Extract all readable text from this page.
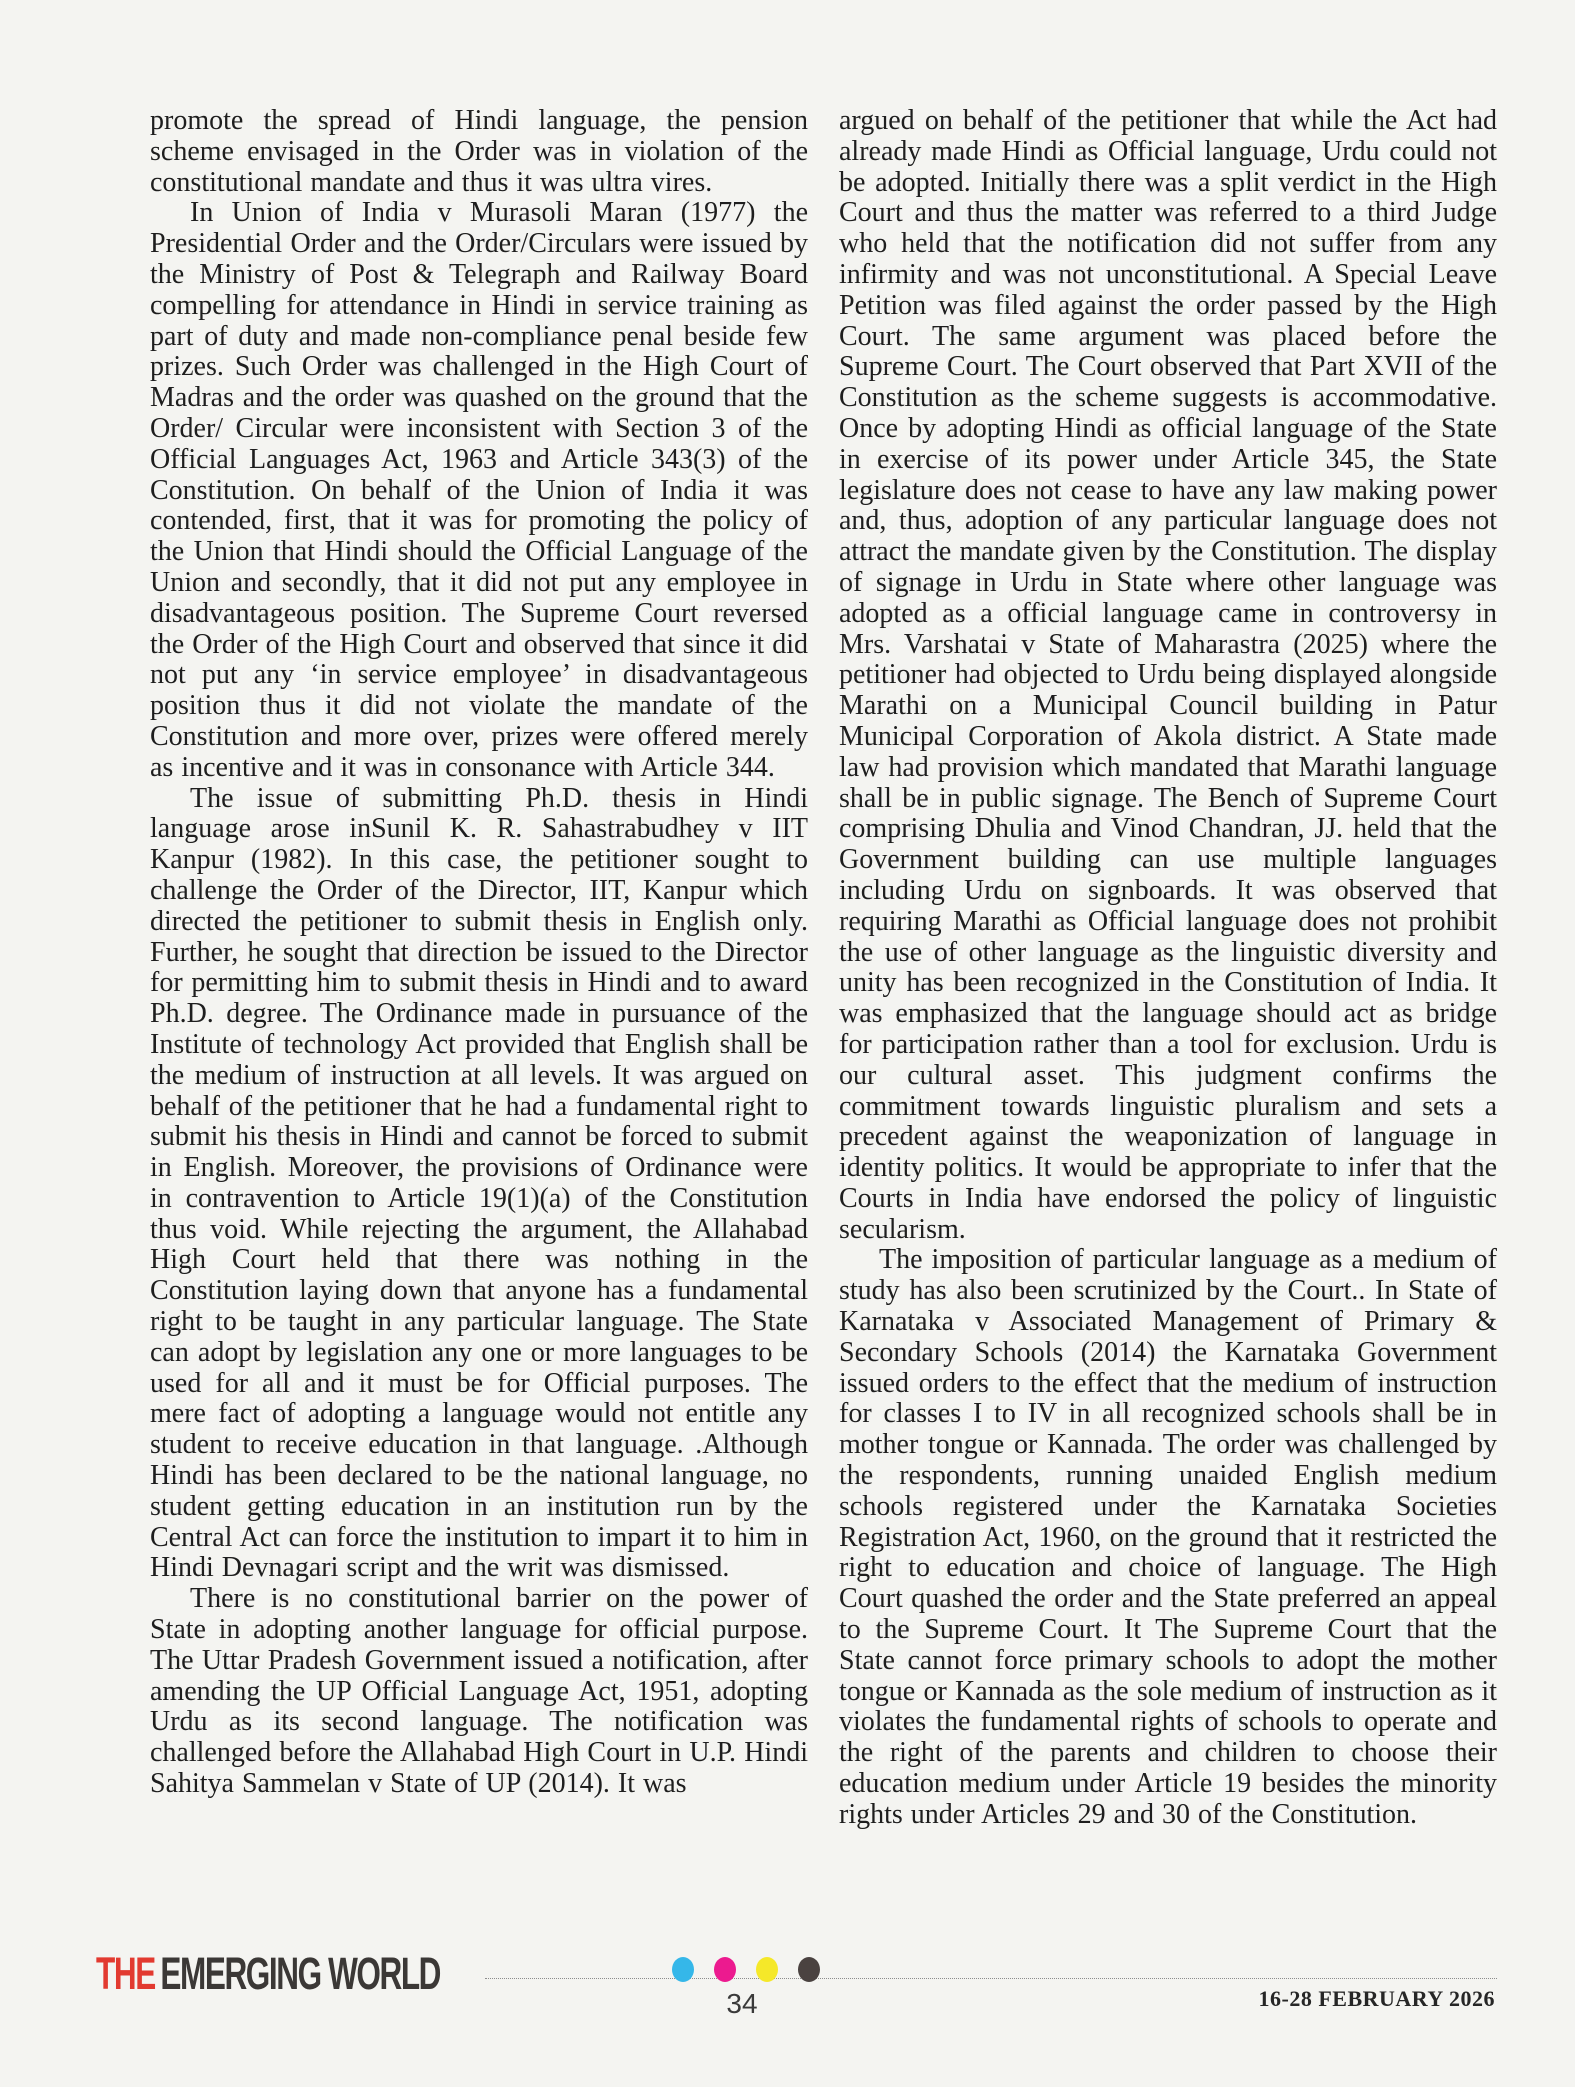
promote the spread of Hindi language, the pension scheme envisaged in the Order was in violation of the constitutional mandate and thus it was ultra vires.

In Union of India v Murasoli Maran (1977) the Presidential Order and the Order/Circulars were issued by the Ministry of Post & Telegraph and Railway Board compelling for attendance in Hindi in service training as part of duty and made non-compliance penal beside few prizes. Such Order was challenged in the High Court of Madras and the order was quashed on the ground that the Order/ Circular were inconsistent with Section 3 of the Official Languages Act, 1963 and Article 343(3) of the Constitution. On behalf of the Union of India it was contended, first, that it was for promoting the policy of the Union that Hindi should the Official Language of the Union and secondly, that it did not put any employee in disadvantageous position. The Supreme Court reversed the Order of the High Court and observed that since it did not put any ‘in service employee’ in disadvantageous position thus it did not violate the mandate of the Constitution and more over, prizes were offered merely as incentive and it was in consonance with Article 344.

The issue of submitting Ph.D. thesis in Hindi language arose inSunil K. R. Sahastrabudhey v IIT Kanpur (1982). In this case, the petitioner sought to challenge the Order of the Director, IIT, Kanpur which directed the petitioner to submit thesis in English only. Further, he sought that direction be issued to the Director for permitting him to submit thesis in Hindi and to award Ph.D. degree. The Ordinance made in pursuance of the Institute of technology Act provided that English shall be the medium of instruction at all levels. It was argued on behalf of the petitioner that he had a fundamental right to submit his thesis in Hindi and cannot be forced to submit in English. Moreover, the provisions of Ordinance were in contravention to Article 19(1)(a) of the Constitution thus void. While rejecting the argument, the Allahabad High Court held that there was nothing in the Constitution laying down that anyone has a fundamental right to be taught in any particular language. The State can adopt by legislation any one or more languages to be used for all and it must be for Official purposes. The mere fact of adopting a language would not entitle any student to receive education in that language. .Although Hindi has been declared to be the national language, no student getting education in an institution run by the Central Act can force the institution to impart it to him in Hindi Devnagari script and the writ was dismissed.

There is no constitutional barrier on the power of State in adopting another language for official purpose. The Uttar Pradesh Government issued a notification, after amending the UP Official Language Act, 1951, adopting Urdu as its second language. The notification was challenged before the Allahabad High Court in U.P. Hindi Sahitya Sammelan v State of UP (2014). It was

argued on behalf of the petitioner that while the Act had already made Hindi as Official language, Urdu could not be adopted. Initially there was a split verdict in the High Court and thus the matter was referred to a third Judge who held that the notification did not suffer from any infirmity and was not unconstitutional. A Special Leave Petition was filed against the order passed by the High Court. The same argument was placed before the Supreme Court. The Court observed that Part XVII of the Constitution as the scheme suggests is accommodative. Once by adopting Hindi as official language of the State in exercise of its power under Article 345, the State legislature does not cease to have any law making power and, thus, adoption of any particular language does not attract the mandate given by the Constitution. The display of signage in Urdu in State where other language was adopted as a official language came in controversy in Mrs. Varshatai v State of Maharastra (2025) where the petitioner had objected to Urdu being displayed alongside Marathi on a Municipal Council building in Patur Municipal Corporation of Akola district. A State made law had provision which mandated that Marathi language shall be in public signage. The Bench of Supreme Court comprising Dhulia and Vinod Chandran, JJ. held that the Government building can use multiple languages including Urdu on signboards. It was observed that requiring Marathi as Official language does not prohibit the use of other language as the linguistic diversity and unity has been recognized in the Constitution of India. It was emphasized that the language should act as bridge for participation rather than a tool for exclusion. Urdu is our cultural asset. This judgment confirms the commitment towards linguistic pluralism and sets a precedent against the weaponization of language in identity politics. It would be appropriate to infer that the Courts in India have endorsed the policy of linguistic secularism.

The imposition of particular language as a medium of study has also been scrutinized by the Court.. In State of Karnataka v Associated Management of Primary & Secondary Schools (2014) the Karnataka Government issued orders to the effect that the medium of instruction for classes I to IV in all recognized schools shall be in mother tongue or Kannada. The order was challenged by the respondents, running unaided English medium schools registered under the Karnataka Societies Registration Act, 1960, on the ground that it restricted the right to education and choice of language. The High Court quashed the order and the State preferred an appeal to the Supreme Court. It The Supreme Court that the State cannot force primary schools to adopt the mother tongue or Kannada as the sole medium of instruction as it violates the fundamental rights of schools to operate and the right of the parents and children to choose their education medium under Article 19 besides the minority rights under Articles 29 and 30 of the Constitution.

THE EMERGING WORLD
34	16-28 FEBRUARY 2026
